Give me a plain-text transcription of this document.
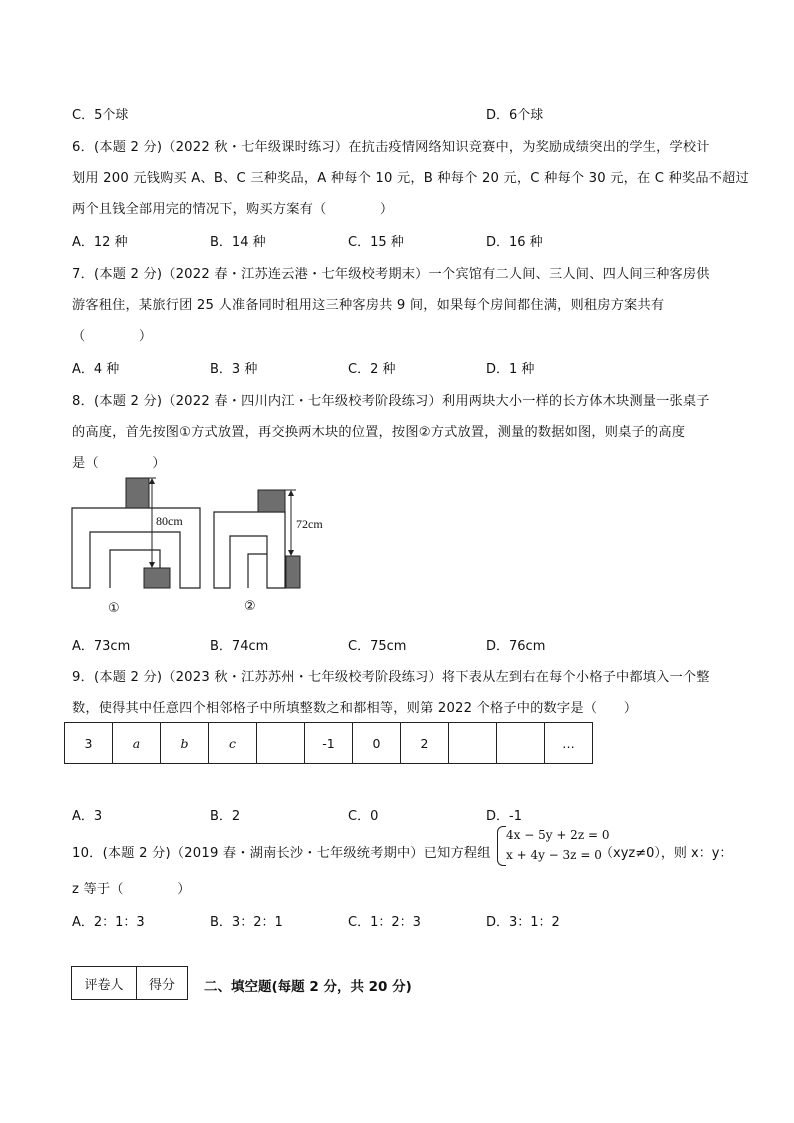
C．5个球	D．6个球
6．(本题 2 分)（2022 秋・七年级课时练习）在抗击疫情网络知识竞赛中，为奖励成绩突出的学生，学校计
划用 200 元钱购买 A、B、C 三种奖品，A 种每个 10 元，B 种每个 20 元，C 种每个 30 元，在 C 种奖品不超过
两个且钱全部用完的情况下，购买方案有（　　　　）
A．12 种	B．14 种	C．15 种	D．16 种
7．(本题 2 分)（2022 春・江苏连云港・七年级校考期末）一个宾馆有二人间、三人间、四人间三种客房供
游客租住，某旅行团 25 人准备同时租用这三种客房共 9 间，如果每个房间都住满，则租房方案共有
（　　　　）
A．4 种	B．3 种	C．2 种	D．1 种
8．(本题 2 分)（2022 春・四川内江・七年级校考阶段练习）利用两块大小一样的长方体木块测量一张桌子
的高度，首先按图①方式放置，再交换两木块的位置，按图②方式放置，测量的数据如图，则桌子的高度
是（　　　　）
80cm
①
72cm
②
A．73cm	B．74cm	C．75cm	D．76cm
9．(本题 2 分)（2023 秋・江苏苏州・七年级校考阶段练习）将下表从左到右在每个小格子中都填入一个整
数，使得其中任意四个相邻格子中所填整数之和都相等，则第 2022 个格子中的数字是（　　）
3	a	b	c		-1	0	2			…
A．3	B．2	C．0	D．-1
10．(本题 2 分)（2019 春・湖南长沙・七年级统考期中）已知方程组
4x − 5y + 2z = 0
x + 4y − 3z = 0
（xyz≠0），则 x：y：
z 等于（　　　　）
A．2：1：3	B．3：2：1	C．1：2：3	D．3：1：2
评卷人	得分 二、填空题(每题 2 分，共 20 分)
